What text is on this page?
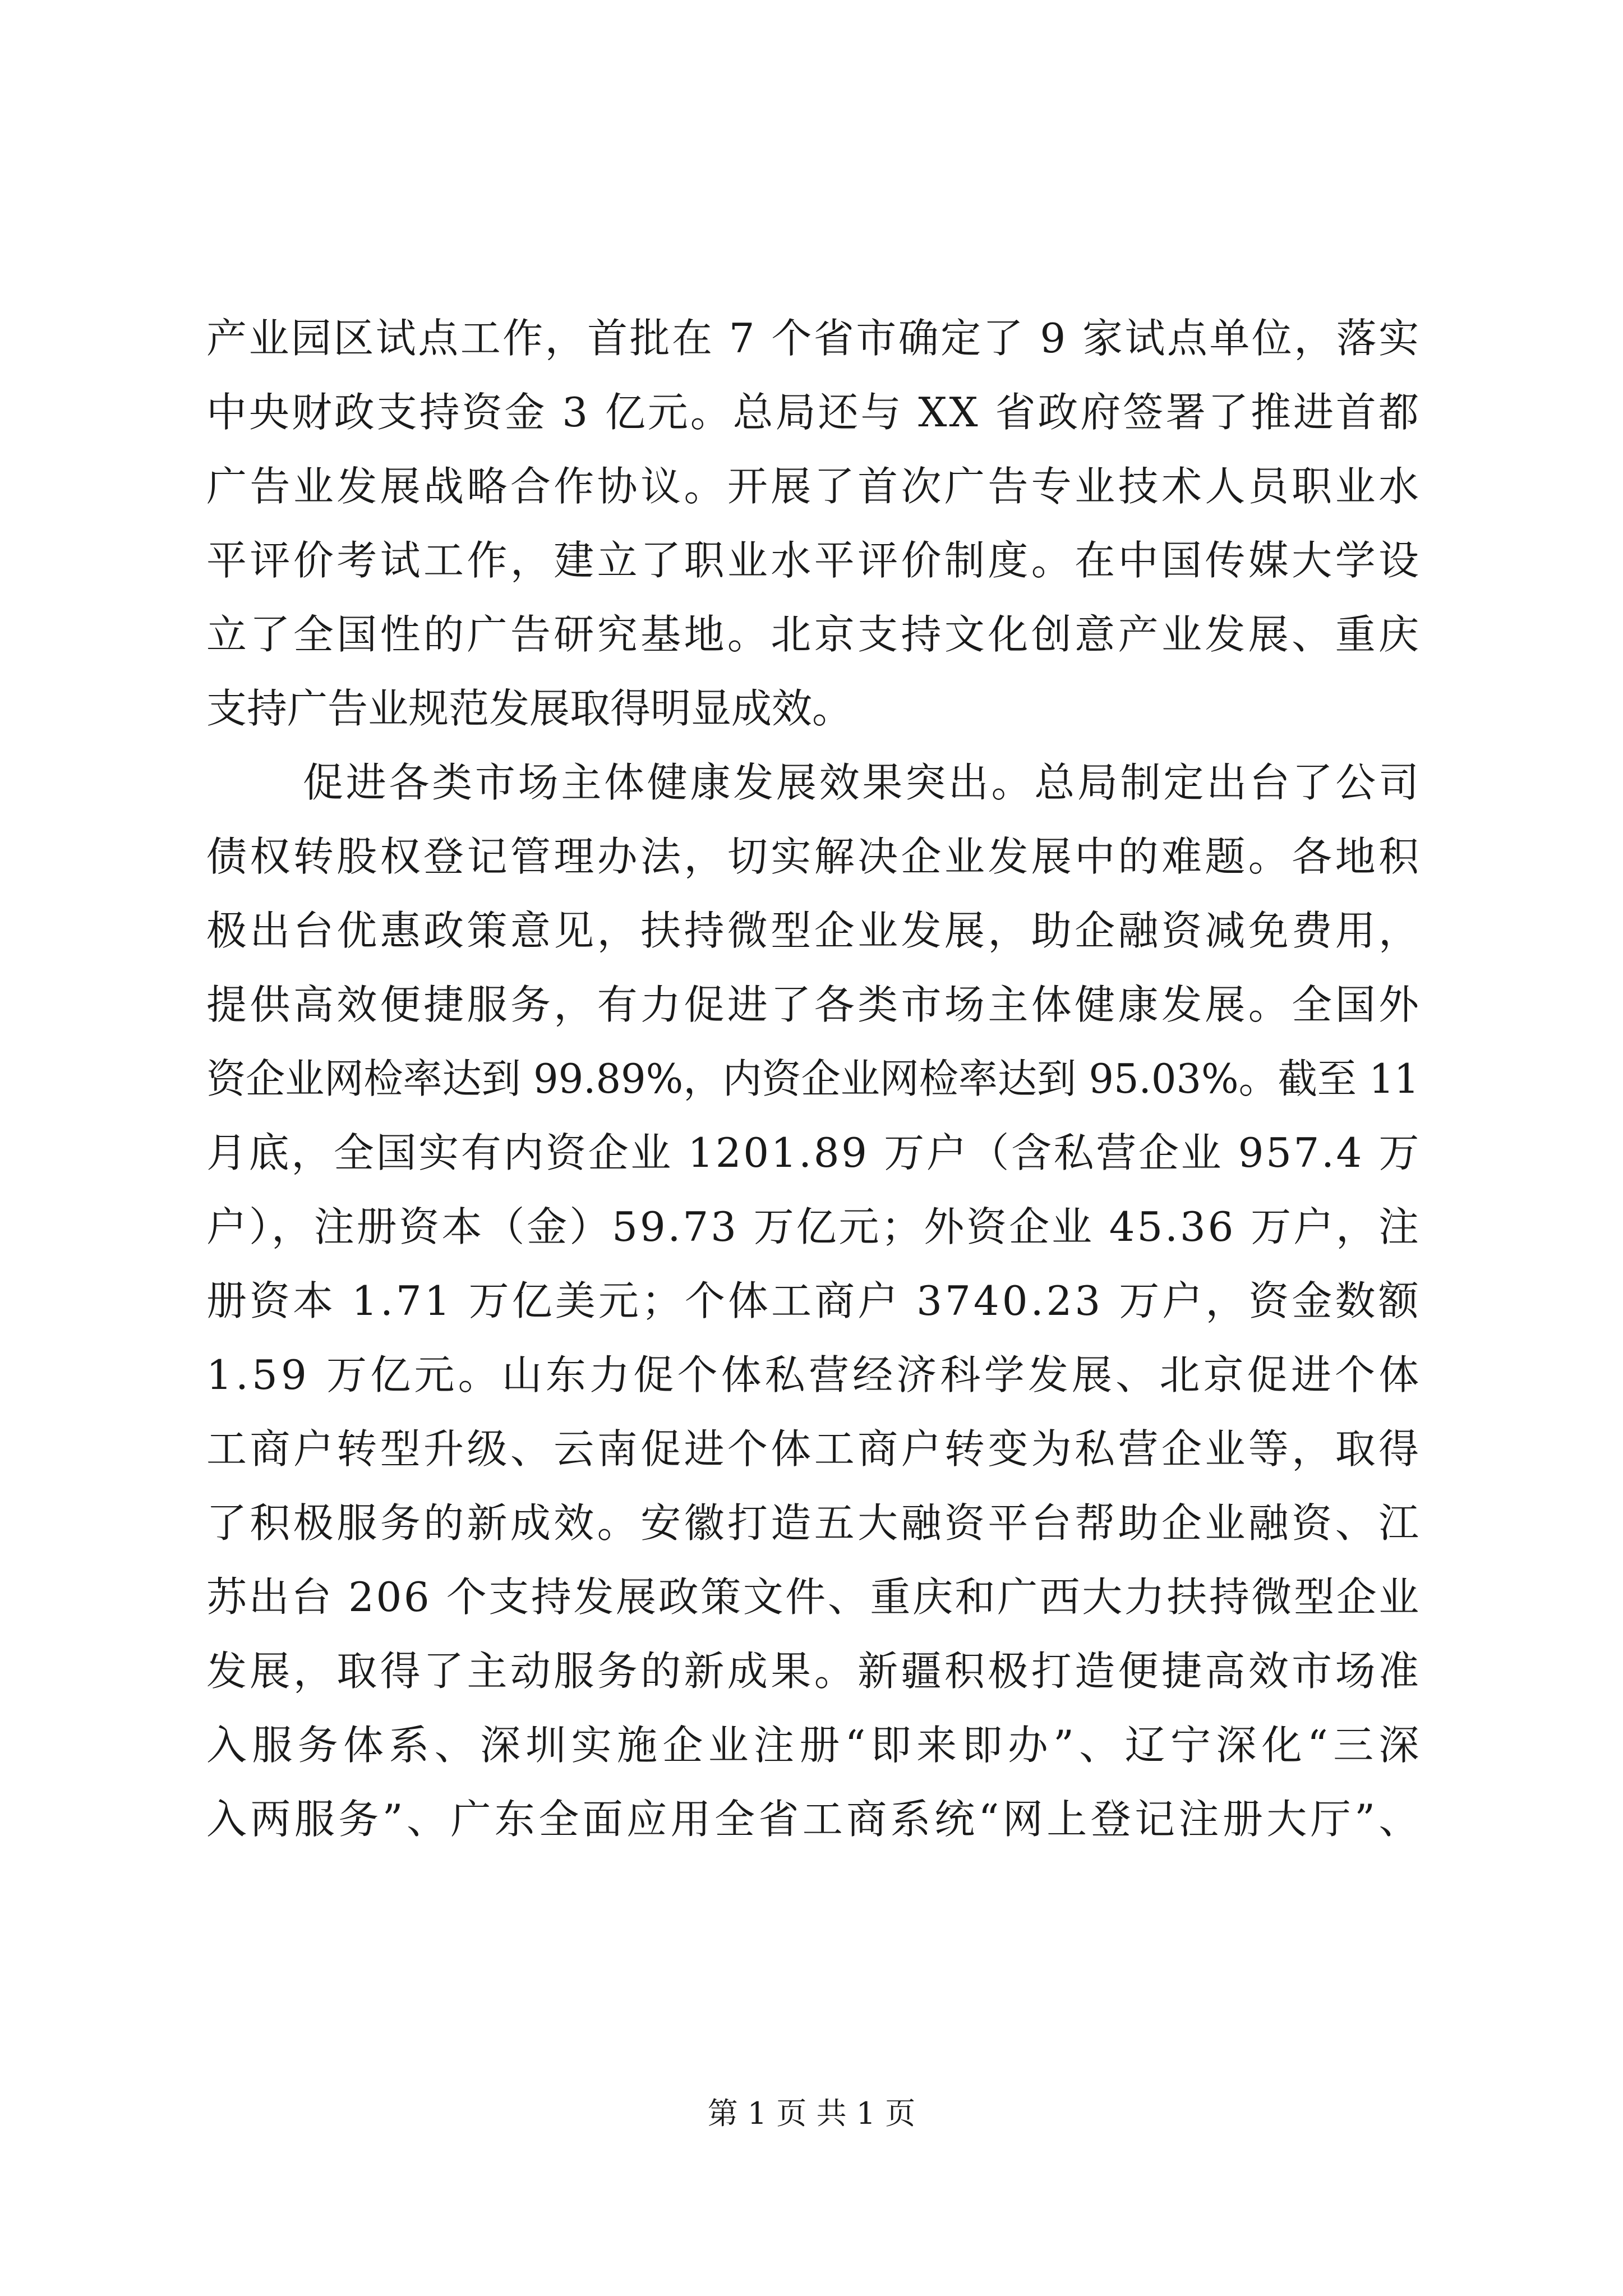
产业园区试点工作，首批在 7 个省市确定了 9 家试点单位，落实
中央财政支持资金 3 亿元。总局还与 XX 省政府签署了推进首都
广告业发展战略合作协议。开展了首次广告专业技术人员职业水
平评价考试工作，建立了职业水平评价制度。在中国传媒大学设
立了全国性的广告研究基地。北京支持文化创意产业发展、重庆
支持广告业规范发展取得明显成效。
促进各类市场主体健康发展效果突出。总局制定出台了公司
债权转股权登记管理办法，切实解决企业发展中的难题。各地积
极出台优惠政策意见，扶持微型企业发展，助企融资减免费用，
提供高效便捷服务，有力促进了各类市场主体健康发展。全国外
资企业网检率达到 99.89%，内资企业网检率达到 95.03%。截至 11
月底，全国实有内资企业 1201.89 万户（含私营企业 957.4 万
户），注册资本（金）59.73 万亿元；外资企业 45.36 万户，注
册资本 1.71 万亿美元；个体工商户 3740.23 万户，资金数额
1.59 万亿元。山东力促个体私营经济科学发展、北京促进个体
工商户转型升级、云南促进个体工商户转变为私营企业等，取得
了积极服务的新成效。安徽打造五大融资平台帮助企业融资、江
苏出台 206 个支持发展政策文件、重庆和广西大力扶持微型企业
发展，取得了主动服务的新成果。新疆积极打造便捷高效市场准
入服务体系、深圳实施企业注册“即来即办”、辽宁深化“三深
入两服务”、广东全面应用全省工商系统“网上登记注册大厅”、
第 1 页 共 1 页
